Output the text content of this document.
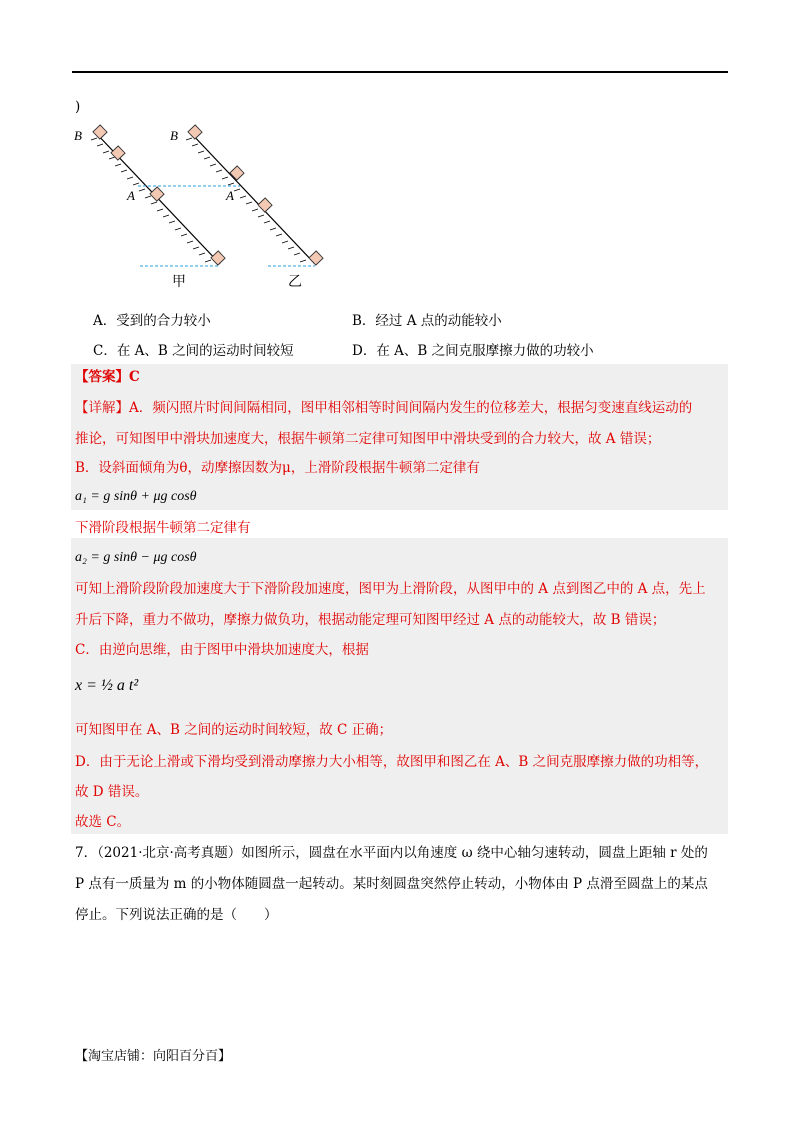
)
B	B
A	A
甲	乙
A．受到的合力较小	B．经过 A 点的动能较小
C．在 A、B 之间的运动时间较短	D．在 A、B 之间克服摩擦力做的功较小
【答案】C
【详解】A．频闪照片时间间隔相同，图甲相邻相等时间间隔内发生的位移差大，根据匀变速直线运动的
推论，可知图甲中滑块加速度大，根据牛顿第二定律可知图甲中滑块受到的合力较大，故 A 错误；
B．设斜面倾角为θ，动摩擦因数为μ，上滑阶段根据牛顿第二定律有
a₁ = g sinθ + μg cosθ
下滑阶段根据牛顿第二定律有
a₂ = g sinθ − μg cosθ
可知上滑阶段阶段加速度大于下滑阶段加速度，图甲为上滑阶段，从图甲中的 A 点到图乙中的 A 点，先上
升后下降，重力不做功，摩擦力做负功，根据动能定理可知图甲经过 A 点的动能较大，故 B 错误；
C．由逆向思维，由于图甲中滑块加速度大，根据
x = ½ a t²
可知图甲在 A、B 之间的运动时间较短，故 C 正确；
D．由于无论上滑或下滑均受到滑动摩擦力大小相等，故图甲和图乙在 A、B 之间克服摩擦力做的功相等，
故 D 错误。
故选 C。
7．（2021·北京·高考真题）如图所示，圆盘在水平面内以角速度 ω 绕中心轴匀速转动，圆盘上距轴 r 处的
P 点有一质量为 m 的小物体随圆盘一起转动。某时刻圆盘突然停止转动，小物体由 P 点滑至圆盘上的某点
停止。下列说法正确的是（　　）
【淘宝店铺：向阳百分百】
